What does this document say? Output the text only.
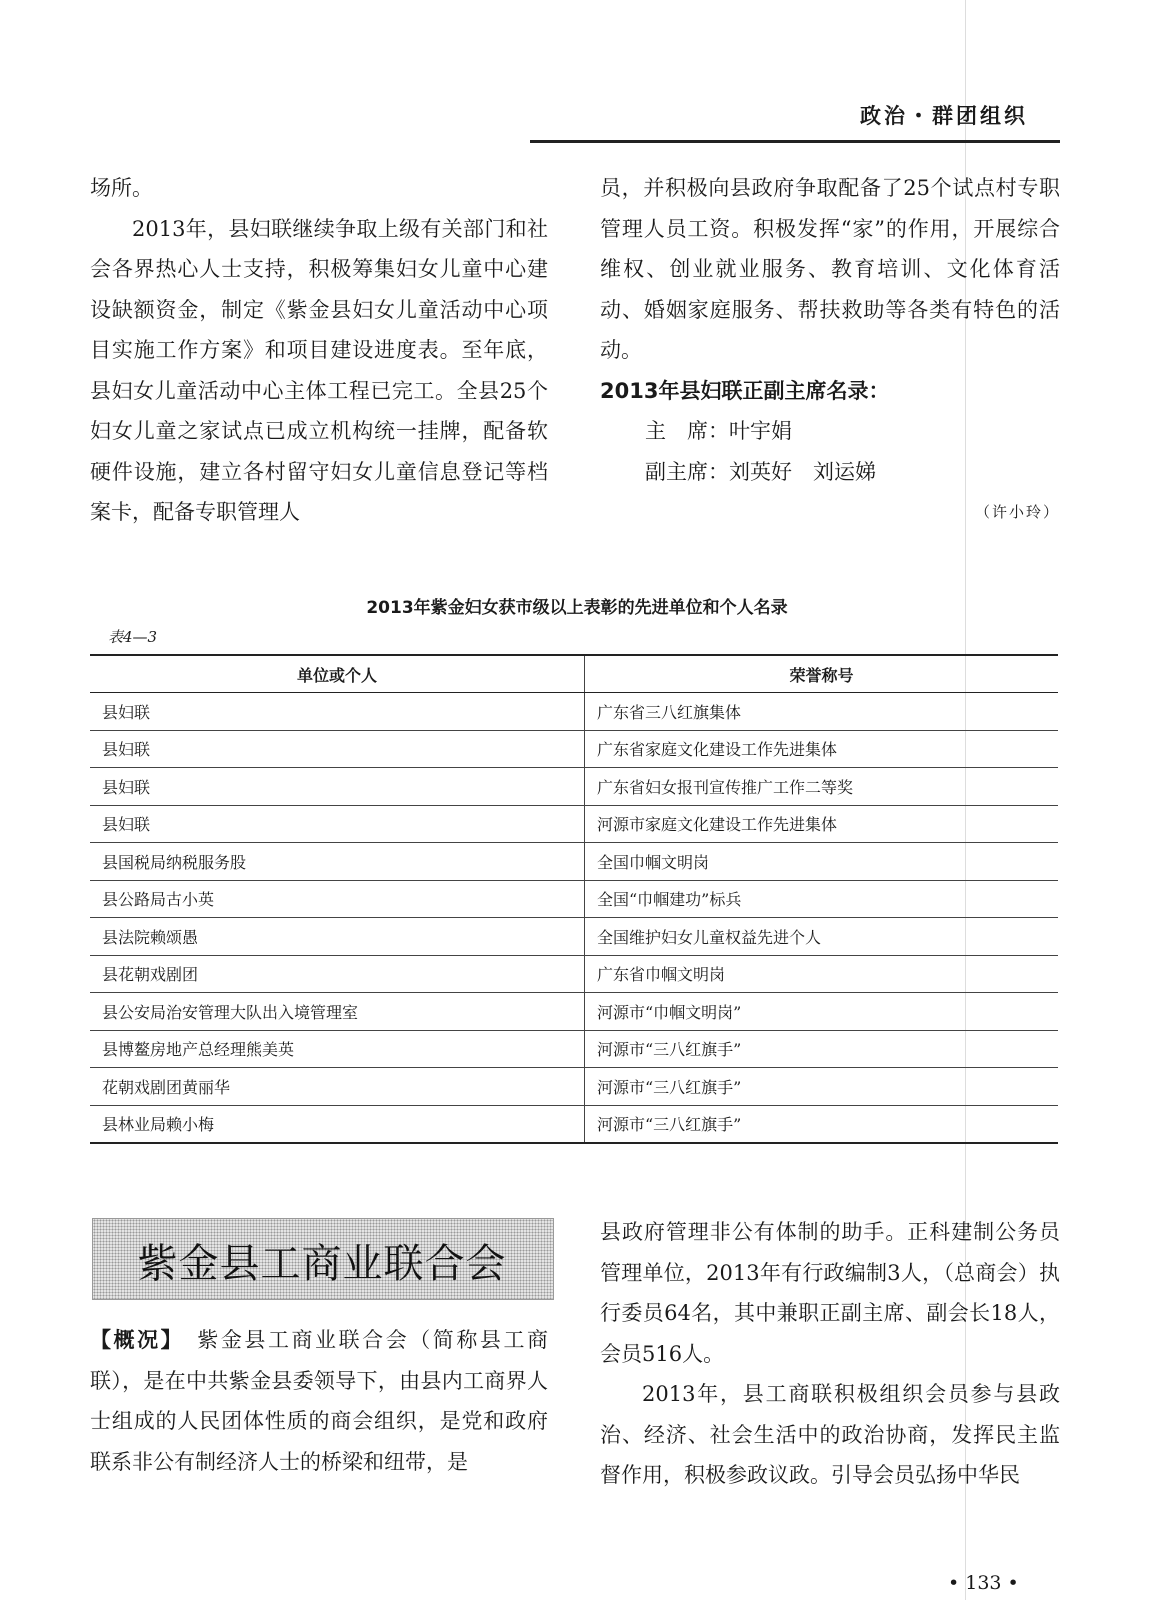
政治・群团组织

场所。

2013年，县妇联继续争取上级有关部门和社会各界热心人士支持，积极筹集妇女儿童中心建设缺额资金，制定《紫金县妇女儿童活动中心项目实施工作方案》和项目建设进度表。至年底，县妇女儿童活动中心主体工程已完工。全县25个妇女儿童之家试点已成立机构统一挂牌，配备软硬件设施，建立各村留守妇女儿童信息登记等档案卡，配备专职管理人

员，并积极向县政府争取配备了25个试点村专职管理人员工资。积极发挥“家”的作用，开展综合维权、创业就业服务、教育培训、文化体育活动、婚姻家庭服务、帮扶救助等各类有特色的活动。

2013年县妇联正副主席名录：

主　席：叶宇娟

副主席：刘英好　刘运娣

（许小玲）

2013年紫金妇女获市级以上表彰的先进单位和个人名录
表4—3
单位或个人	荣誉称号
县妇联	广东省三八红旗集体
县妇联	广东省家庭文化建设工作先进集体
县妇联	广东省妇女报刊宣传推广工作二等奖
县妇联	河源市家庭文化建设工作先进集体
县国税局纳税服务股	全国巾帼文明岗
县公路局古小英	全国“巾帼建功”标兵
县法院赖颂愚	全国维护妇女儿童权益先进个人
县花朝戏剧团	广东省巾帼文明岗
县公安局治安管理大队出入境管理室	河源市“巾帼文明岗”
县博鳌房地产总经理熊美英	河源市“三八红旗手”
花朝戏剧团黄丽华	河源市“三八红旗手”
县林业局赖小梅	河源市“三八红旗手”
紫金县工商业联合会

【概况】　 紫金县工商业联合会（简称县工商联），是在中共紫金县委领导下，由县内工商界人士组成的人民团体性质的商会组织，是党和政府联系非公有制经济人士的桥梁和纽带，是

县政府管理非公有体制的助手。正科建制公务员管理单位，2013年有行政编制3人，（总商会）执行委员64名，其中兼职正副主席、副会长18人，会员516人。

2013年，县工商联积极组织会员参与县政治、经济、社会生活中的政治协商，发挥民主监督作用，积极参政议政。引导会员弘扬中华民

• 133 •
